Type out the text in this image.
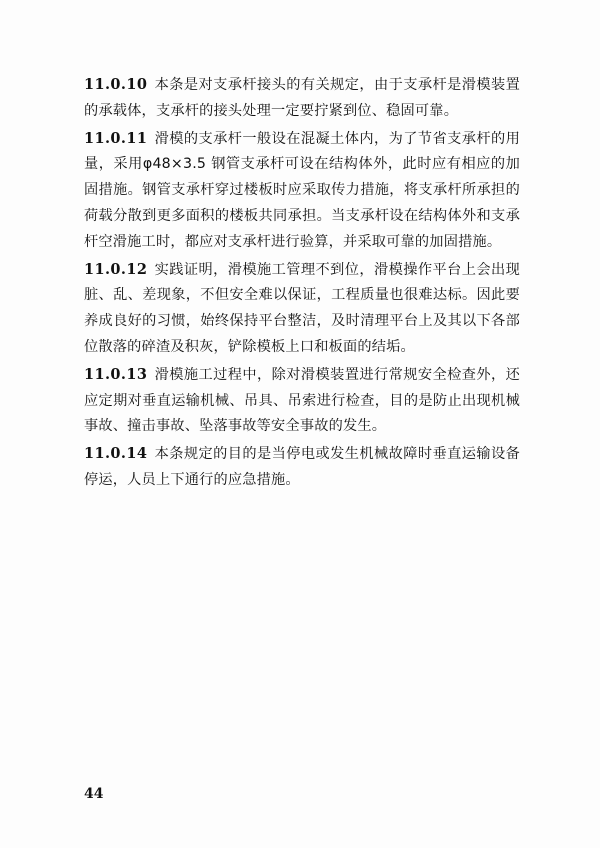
11.0.10 本条是对支承杆接头的有关规定，由于支承杆是滑模装置的承载体，支承杆的接头处理一定要拧紧到位、稳固可靠。

11.0.11 滑模的支承杆一般设在混凝土体内，为了节省支承杆的用量，采用φ48×3.5 钢管支承杆可设在结构体外，此时应有相应的加固措施。钢管支承杆穿过楼板时应采取传力措施，将支承杆所承担的荷载分散到更多面积的楼板共同承担。当支承杆设在结构体外和支承杆空滑施工时，都应对支承杆进行验算，并采取可靠的加固措施。

11.0.12 实践证明，滑模施工管理不到位，滑模操作平台上会出现脏、乱、差现象，不但安全难以保证，工程质量也很难达标。因此要养成良好的习惯，始终保持平台整洁，及时清理平台上及其以下各部位散落的碎渣及积灰，铲除模板上口和板面的结垢。

11.0.13 滑模施工过程中，除对滑模装置进行常规安全检查外，还应定期对垂直运输机械、吊具、吊索进行检查，目的是防止出现机械事故、撞击事故、坠落事故等安全事故的发生。

11.0.14 本条规定的目的是当停电或发生机械故障时垂直运输设备停运，人员上下通行的应急措施。

44
